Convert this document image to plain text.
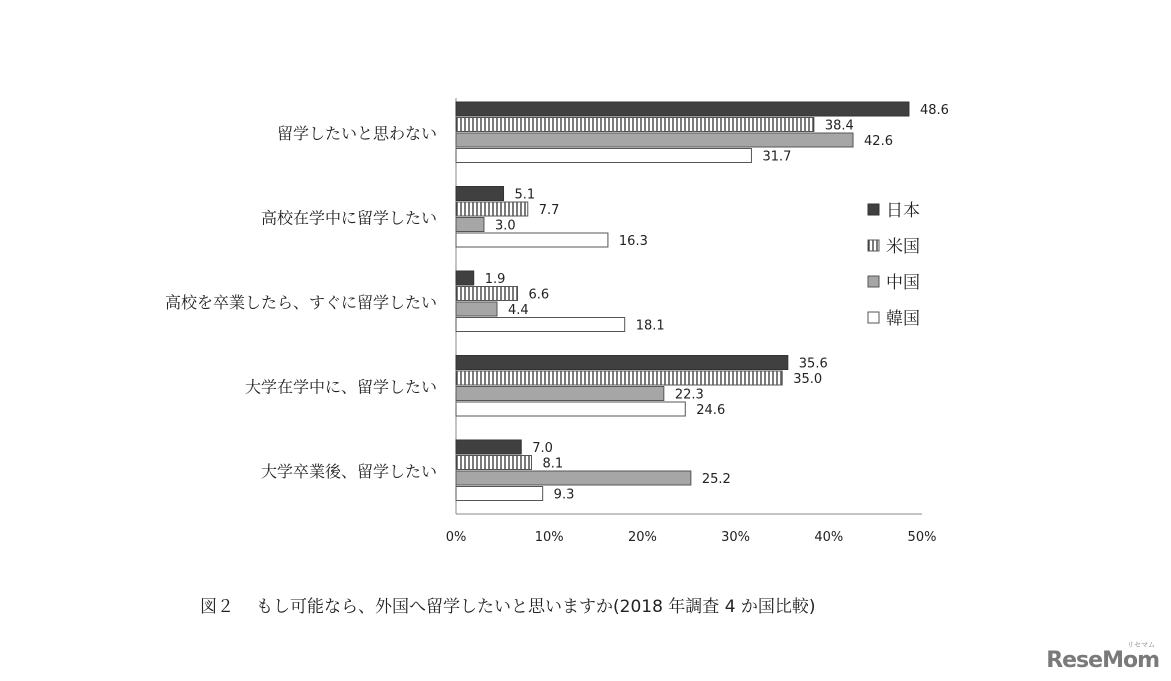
48.6
38.4
42.6
31.7
5.1
7.7
3.0
16.3
1.9
6.6
4.4
18.1
35.6
35.0
22.3
24.6
7.0
8.1
25.2
9.3
留学したいと思わない
高校在学中に留学したい
高校を卒業したら、すぐに留学したい
大学在学中に、留学したい
大学卒業後、留学したい
0%	10%	20%	30%	40%	50%
日本
米国
中国
韓国
図２ もし可能なら、外国へ留学したいと思いますか(2018 年調査 4 か国比較)
ReseMom
リセマム
